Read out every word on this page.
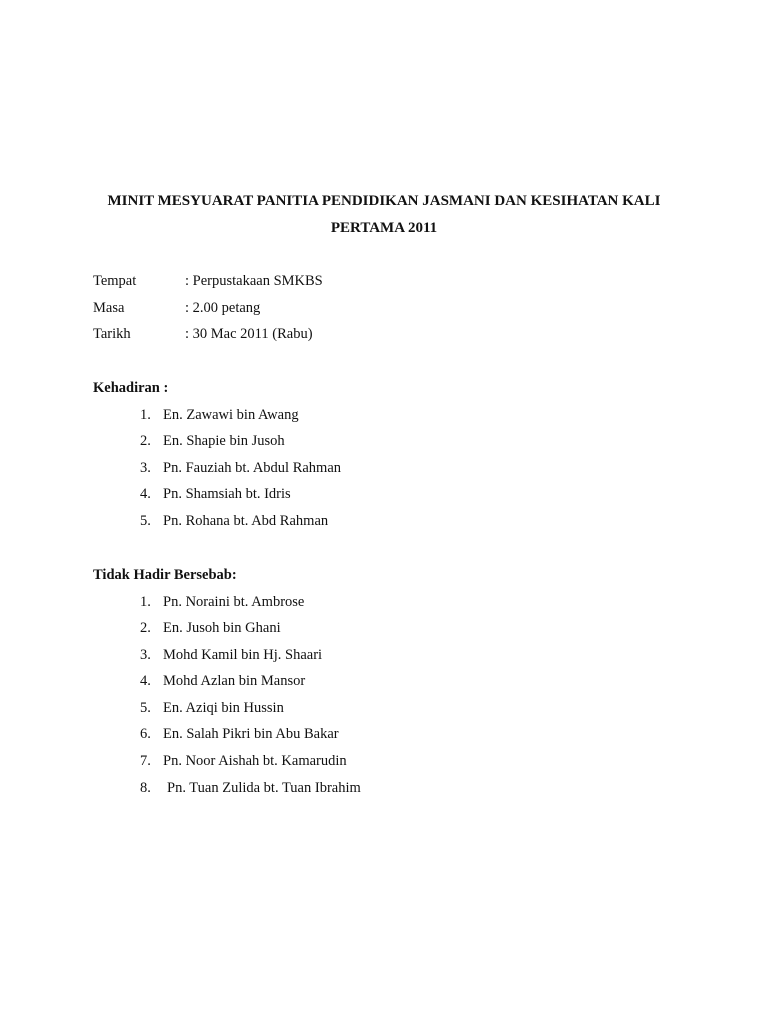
MINIT MESYUARAT PANITIA PENDIDIKAN JASMANI DAN KESIHATAN KALI
PERTAMA 2011
Tempat	: Perpustakaan SMKBS
Masa	: 2.00 petang
Tarikh	: 30 Mac 2011 (Rabu)
Kehadiran :
1. En. Zawawi bin Awang
2. En. Shapie bin Jusoh
3. Pn. Fauziah bt. Abdul Rahman
4. Pn. Shamsiah bt. Idris
5. Pn. Rohana bt. Abd Rahman
Tidak Hadir Bersebab:
1. Pn. Noraini bt. Ambrose
2. En. Jusoh bin Ghani
3. Mohd Kamil bin Hj. Shaari
4. Mohd Azlan bin Mansor
5. En. Aziqi bin Hussin
6. En. Salah Pikri bin Abu Bakar
7. Pn. Noor Aishah bt. Kamarudin
8. Pn. Tuan Zulida bt. Tuan Ibrahim
